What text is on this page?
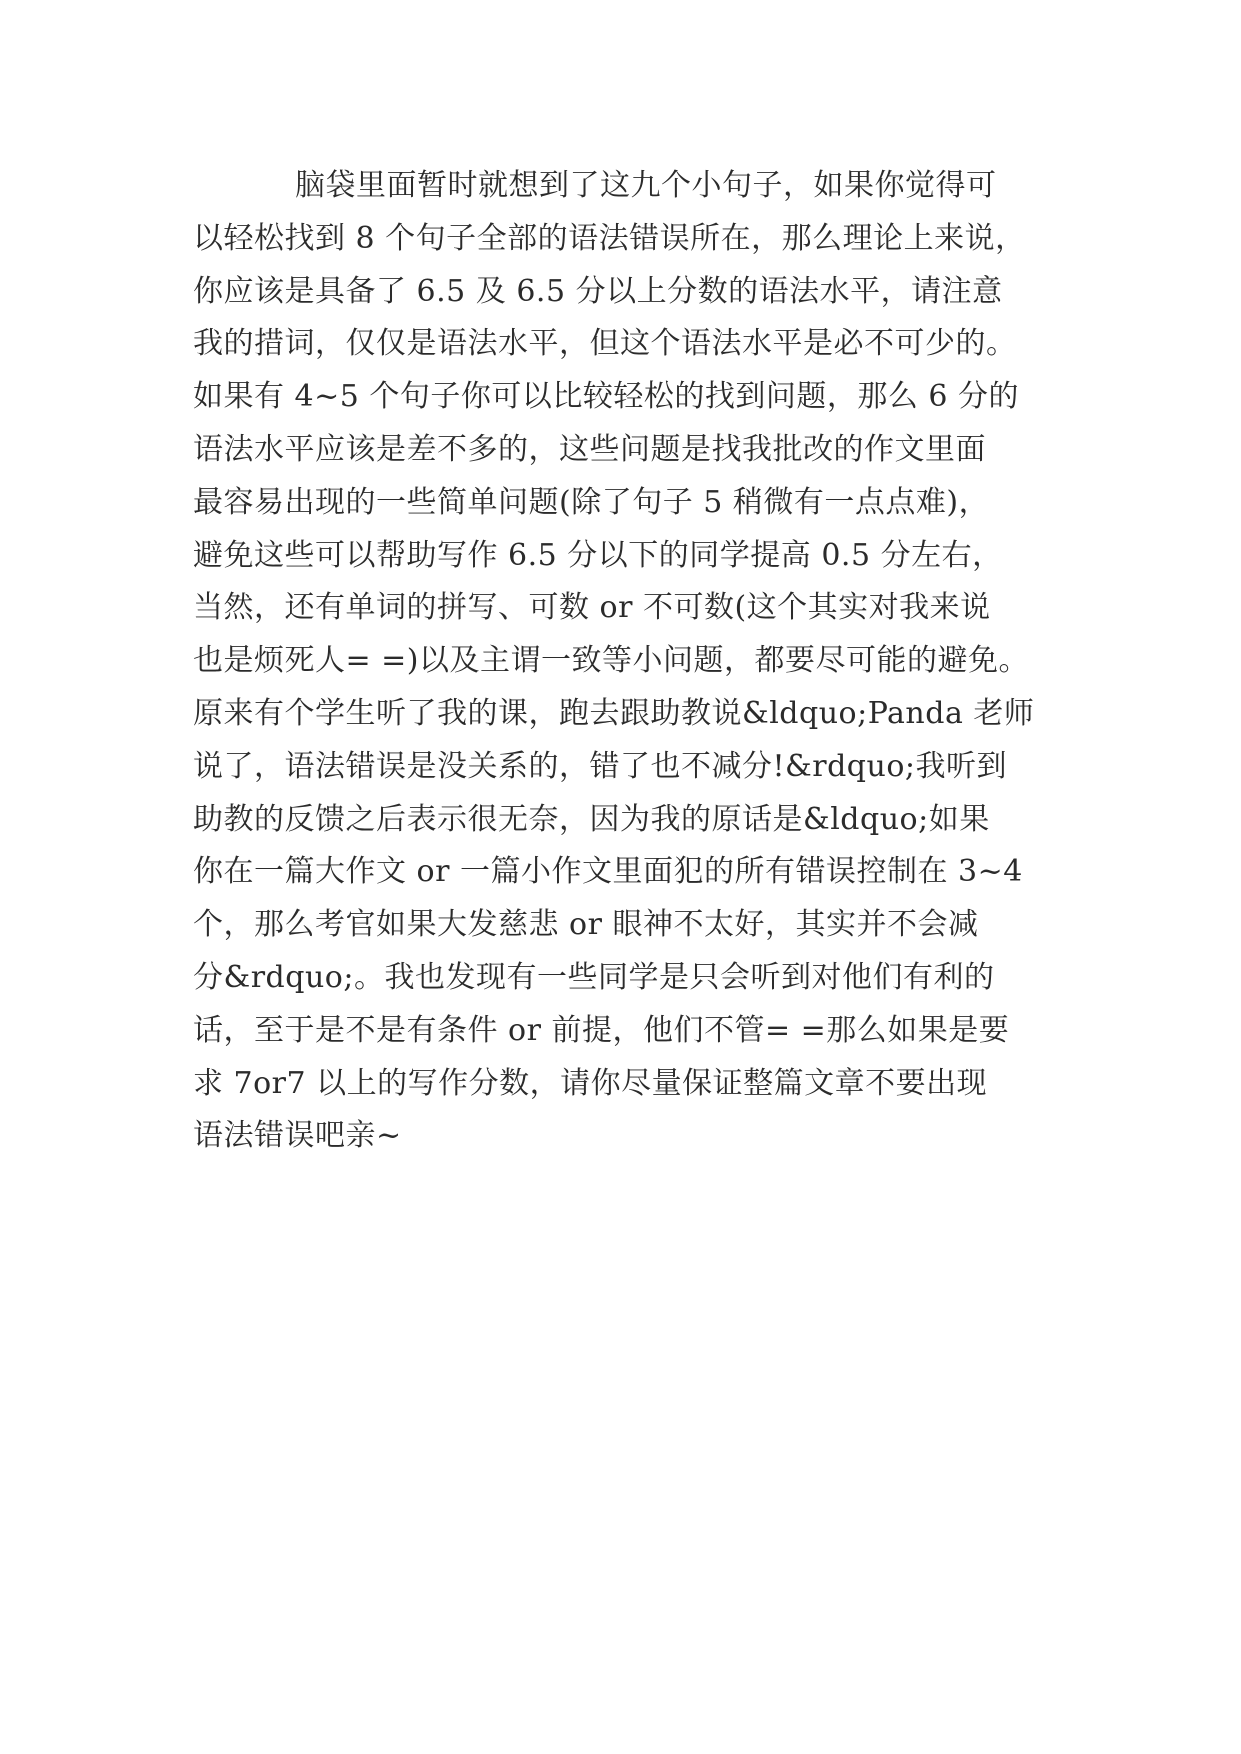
脑袋里面暂时就想到了这九个小句子，如果你觉得可
以轻松找到 8 个句子全部的语法错误所在，那么理论上来说，
你应该是具备了 6.5 及 6.5 分以上分数的语法水平，请注意
我的措词，仅仅是语法水平，但这个语法水平是必不可少的。
如果有 4~5 个句子你可以比较轻松的找到问题，那么 6 分的
语法水平应该是差不多的，这些问题是找我批改的作文里面
最容易出现的一些简单问题(除了句子 5 稍微有一点点难)，
避免这些可以帮助写作 6.5 分以下的同学提高 0.5 分左右，
当然，还有单词的拼写、可数 or 不可数(这个其实对我来说
也是烦死人= =)以及主谓一致等小问题，都要尽可能的避免。
原来有个学生听了我的课，跑去跟助教说&ldquo;Panda 老师
说了，语法错误是没关系的，错了也不减分!&rdquo;我听到
助教的反馈之后表示很无奈，因为我的原话是&ldquo;如果
你在一篇大作文 or 一篇小作文里面犯的所有错误控制在 3~4
个，那么考官如果大发慈悲 or 眼神不太好，其实并不会减
分&rdquo;。我也发现有一些同学是只会听到对他们有利的
话，至于是不是有条件 or 前提，他们不管= =那么如果是要
求 7or7 以上的写作分数，请你尽量保证整篇文章不要出现
语法错误吧亲~
